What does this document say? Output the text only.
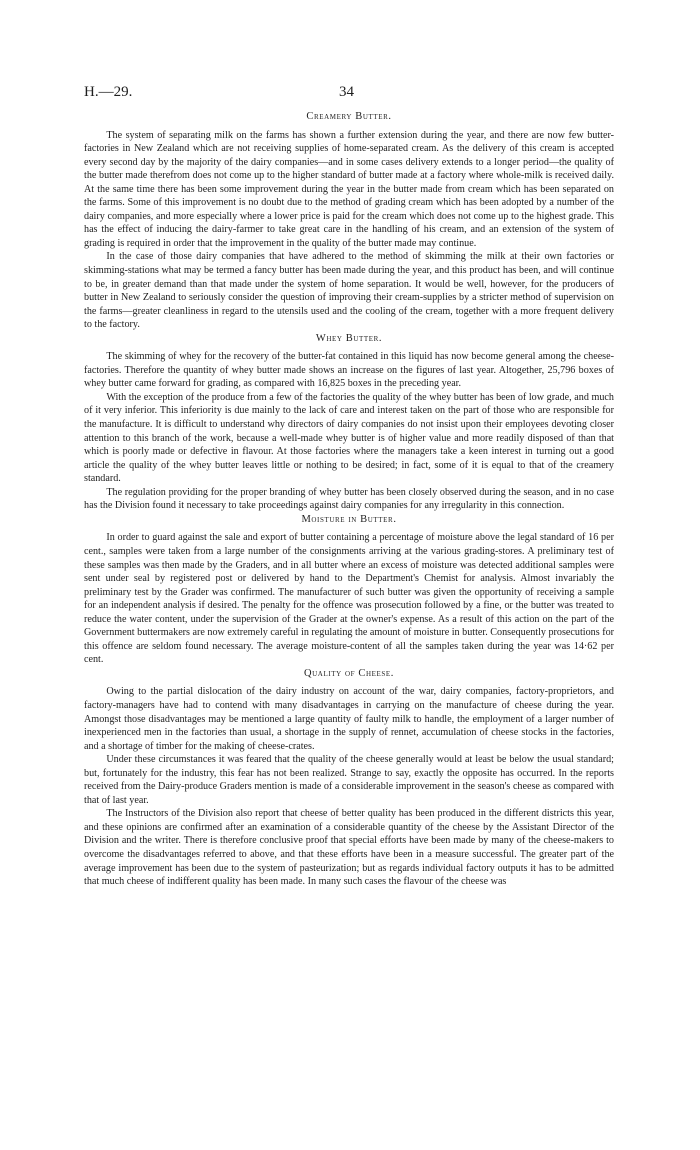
H.—29.	34
Creamery Butter.

The system of separating milk on the farms has shown a further extension during the year, and there are now few butter-factories in New Zealand which are not receiving supplies of home-separated cream. As the delivery of this cream is accepted every second day by the majority of the dairy companies—and in some cases delivery extends to a longer period—the quality of the butter made therefrom does not come up to the higher standard of butter made at a factory where whole-milk is received daily. At the same time there has been some improvement during the year in the butter made from cream which has been separated on the farms. Some of this improvement is no doubt due to the method of grading cream which has been adopted by a number of the dairy companies, and more especially where a lower price is paid for the cream which does not come up to the highest grade. This has the effect of inducing the dairy-farmer to take great care in the handling of his cream, and an extension of the system of grading is required in order that the improvement in the quality of the butter made may continue.

In the case of those dairy companies that have adhered to the method of skimming the milk at their own factories or skimming-stations what may be termed a fancy butter has been made during the year, and this product has been, and will continue to be, in greater demand than that made under the system of home separation. It would be well, however, for the producers of butter in New Zealand to seriously consider the question of improving their cream-supplies by a stricter method of supervision on the farms—greater cleanliness in regard to the utensils used and the cooling of the cream, together with a more frequent delivery to the factory.

Whey Butter.

The skimming of whey for the recovery of the butter-fat contained in this liquid has now become general among the cheese-factories. Therefore the quantity of whey butter made shows an increase on the figures of last year. Altogether, 25,796 boxes of whey butter came forward for grading, as compared with 16,825 boxes in the preceding year.

With the exception of the produce from a few of the factories the quality of the whey butter has been of low grade, and much of it very inferior. This inferiority is due mainly to the lack of care and interest taken on the part of those who are responsible for the manufacture. It is difficult to understand why directors of dairy companies do not insist upon their employees devoting closer attention to this branch of the work, because a well-made whey butter is of higher value and more readily disposed of than that which is poorly made or defective in flavour. At those factories where the managers take a keen interest in turning out a good article the quality of the whey butter leaves little or nothing to be desired; in fact, some of it is equal to that of the creamery standard.

The regulation providing for the proper branding of whey butter has been closely observed during the season, and in no case has the Division found it necessary to take proceedings against dairy companies for any irregularity in this connection.

Moisture in Butter.

In order to guard against the sale and export of butter containing a percentage of moisture above the legal standard of 16 per cent., samples were taken from a large number of the consignments arriving at the various grading-stores. A preliminary test of these samples was then made by the Graders, and in all butter where an excess of moisture was detected additional samples were sent under seal by registered post or delivered by hand to the Department's Chemist for analysis. Almost invariably the preliminary test by the Grader was confirmed. The manufacturer of such butter was given the opportunity of receiving a sample for an independent analysis if desired. The penalty for the offence was prosecution followed by a fine, or the butter was treated to reduce the water content, under the supervision of the Grader at the owner's expense. As a result of this action on the part of the Government buttermakers are now extremely careful in regulating the amount of moisture in butter. Consequently prosecutions for this offence are seldom found necessary. The average moisture-content of all the samples taken during the year was 14·62 per cent.

Quality of Cheese.

Owing to the partial dislocation of the dairy industry on account of the war, dairy companies, factory-proprietors, and factory-managers have had to contend with many disadvantages in carrying on the manufacture of cheese during the year. Amongst those disadvantages may be mentioned a large quantity of faulty milk to handle, the employment of a larger number of inexperienced men in the factories than usual, a shortage in the supply of rennet, accumulation of cheese stocks in the factories, and a shortage of timber for the making of cheese-crates.

Under these circumstances it was feared that the quality of the cheese generally would at least be below the usual standard; but, fortunately for the industry, this fear has not been realized. Strange to say, exactly the opposite has occurred. In the reports received from the Dairy-produce Graders mention is made of a considerable improvement in the season's cheese as compared with that of last year.

The Instructors of the Division also report that cheese of better quality has been produced in the different districts this year, and these opinions are confirmed after an examination of a considerable quantity of the cheese by the Assistant Director of the Division and the writer. There is therefore conclusive proof that special efforts have been made by many of the cheese-makers to overcome the disadvantages referred to above, and that these efforts have been in a measure successful. The greater part of the average improvement has been due to the system of pasteurization; but as regards individual factory outputs it has to be admitted that much cheese of indifferent quality has been made. In many such cases the flavour of the cheese was
